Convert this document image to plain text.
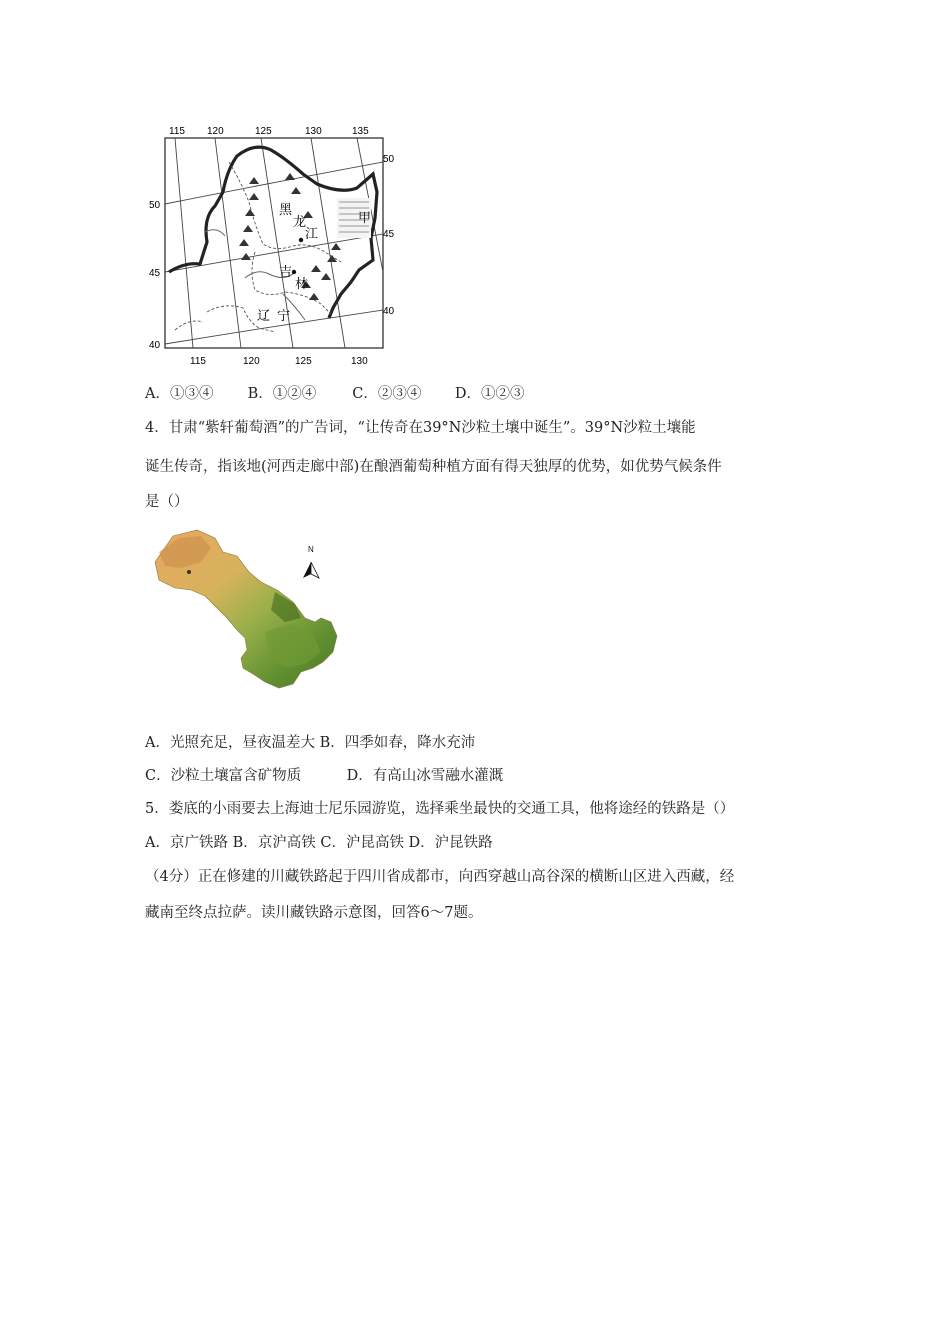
115 120	125	130	135
115	120	125	130
50
45
40
50
45
40
甲
黑
龙
江
吉
林
辽 宁
A．①③④ B．①②④ C．②③④ D．①②③
4．甘肃“紫轩葡萄酒”的广告词，“让传奇在39°N沙粒土壤中诞生”。39°N沙粒土壤能
诞生传奇，指该地(河西走廊中部)在酿酒葡萄种植方面有得天独厚的优势，如优势气候条件
是（）
N
A．光照充足，昼夜温差大 B．四季如春，降水充沛
C．沙粒土壤富含矿物质	D．有高山冰雪融水灌溉
5．娄底的小雨要去上海迪士尼乐园游览，选择乘坐最快的交通工具，他将途经的铁路是（）
A．京广铁路 B．京沪高铁 C．沪昆高铁 D．沪昆铁路
（4分）正在修建的川藏铁路起于四川省成都市，向西穿越山高谷深的横断山区进入西藏，经
藏南至终点拉萨。读川藏铁路示意图，回答6～7题。
